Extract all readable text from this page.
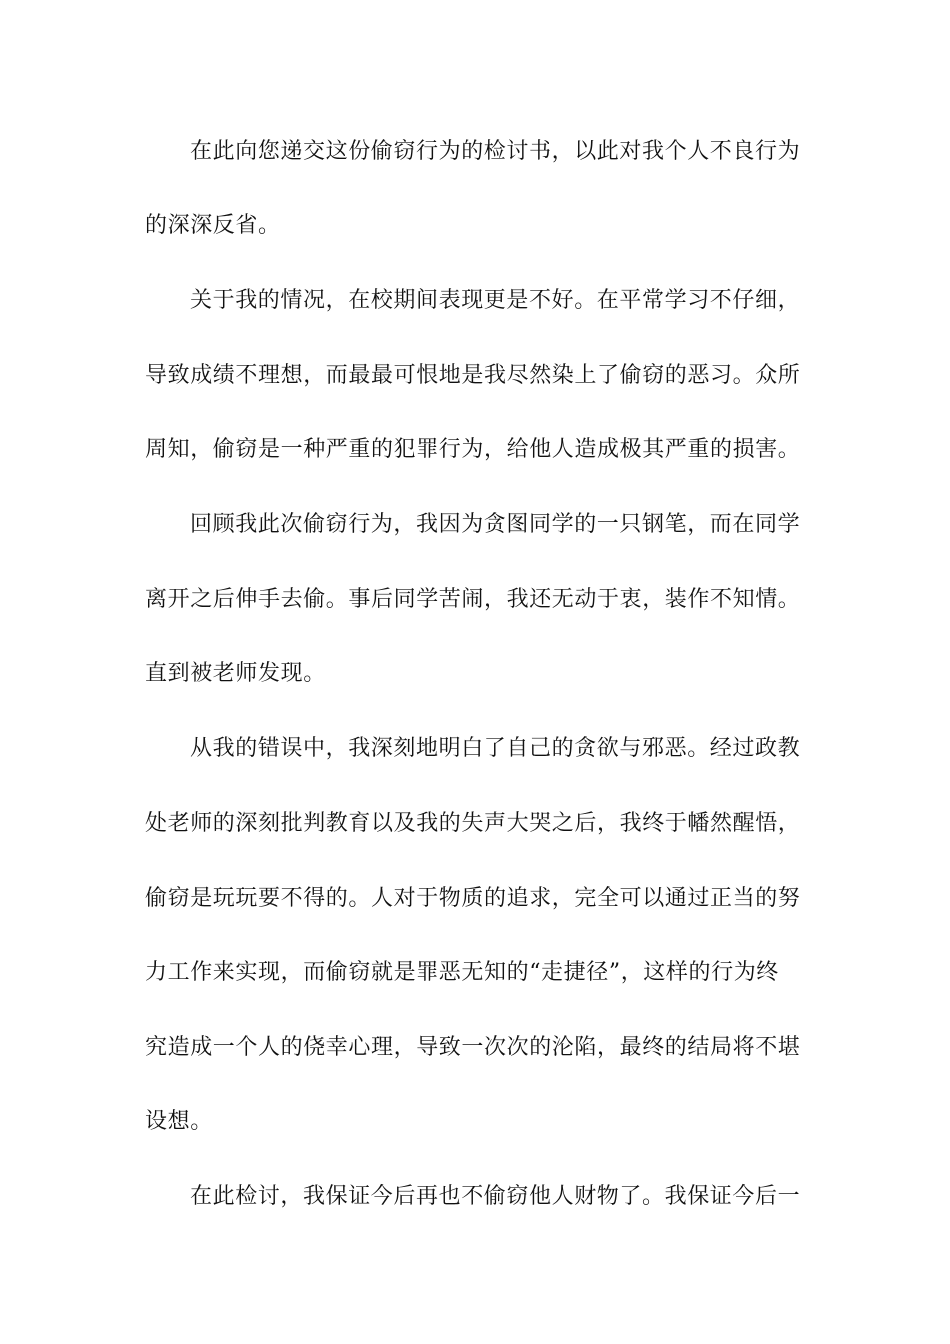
在此向您递交这份偷窃行为的检讨书，以此对我个人不良行为
的深深反省。
关于我的情况，在校期间表现更是不好。在平常学习不仔细，
导致成绩不理想，而最最可恨地是我尽然染上了偷窃的恶习。众所
周知，偷窃是一种严重的犯罪行为，给他人造成极其严重的损害。
回顾我此次偷窃行为，我因为贪图同学的一只钢笔，而在同学
离开之后伸手去偷。事后同学苦闹，我还无动于衷，装作不知情。
直到被老师发现。
从我的错误中，我深刻地明白了自己的贪欲与邪恶。经过政教
处老师的深刻批判教育以及我的失声大哭之后，我终于幡然醒悟，
偷窃是玩玩要不得的。人对于物质的追求，完全可以通过正当的努
力工作来实现，而偷窃就是罪恶无知的“走捷径”，这样的行为终
究造成一个人的侥幸心理，导致一次次的沦陷，最终的结局将不堪
设想。
在此检讨，我保证今后再也不偷窃他人财物了。我保证今后一
